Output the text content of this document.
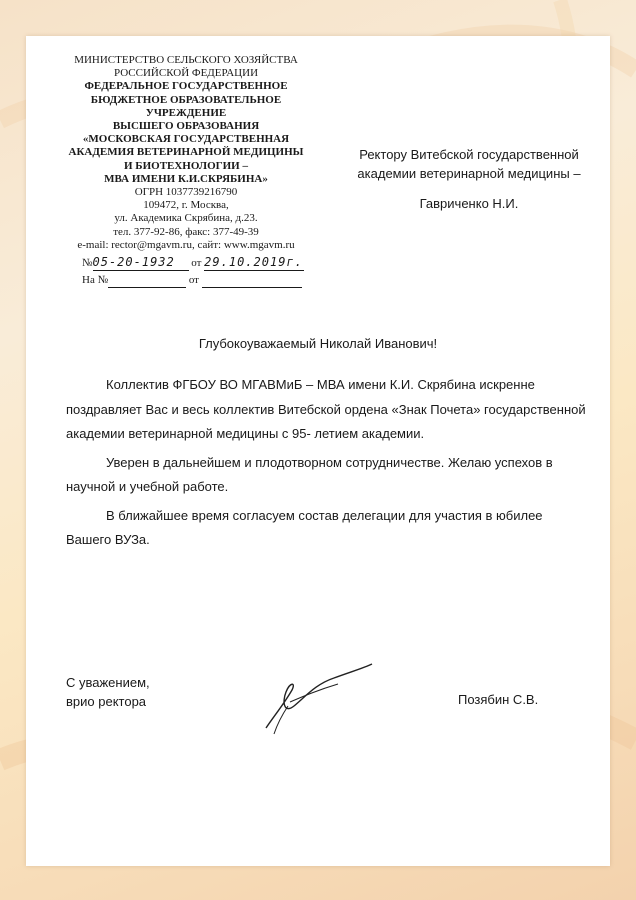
МИНИСТЕРСТВО СЕЛЬСКОГО ХОЗЯЙСТВА
РОССИЙСКОЙ ФЕДЕРАЦИИ
ФЕДЕРАЛЬНОЕ ГОСУДАРСТВЕННОЕ
БЮДЖЕТНОЕ ОБРАЗОВАТЕЛЬНОЕ
УЧРЕЖДЕНИЕ
ВЫСШЕГО ОБРАЗОВАНИЯ
«МОСКОВСКАЯ ГОСУДАРСТВЕННАЯ
АКАДЕМИЯ ВЕТЕРИНАРНОЙ МЕДИЦИНЫ
И БИОТЕХНОЛОГИИ –
МВА ИМЕНИ К.И.СКРЯБИНА»
ОГРН 1037739216790
109472, г. Москва,
ул. Академика Скрябина, д.23.
тел. 377-92-86, факс: 377-49-39
e-mail: rector@mgavm.ru, сайт: www.mgavm.ru
№05-20-1932 от 29.10.2019г.
На №	от
Ректору Витебской государственной
академии ветеринарной медицины –
Гавриченко Н.И.
Глубокоуважаемый Николай Иванович!

Коллектив ФГБОУ ВО МГАВМиБ – МВА имени К.И. Скрябина искренне поздравляет Вас и весь коллектив Витебской ордена «Знак Почета» государственной академии ветеринарной медицины с 95- летием академии.

Уверен в дальнейшем и плодотворном сотрудничестве. Желаю успехов в научной и учебной работе.

В ближайшее время согласуем состав делегации для участия в юбилее Вашего ВУЗа.

С уважением,
врио ректора	Позябин С.В.
